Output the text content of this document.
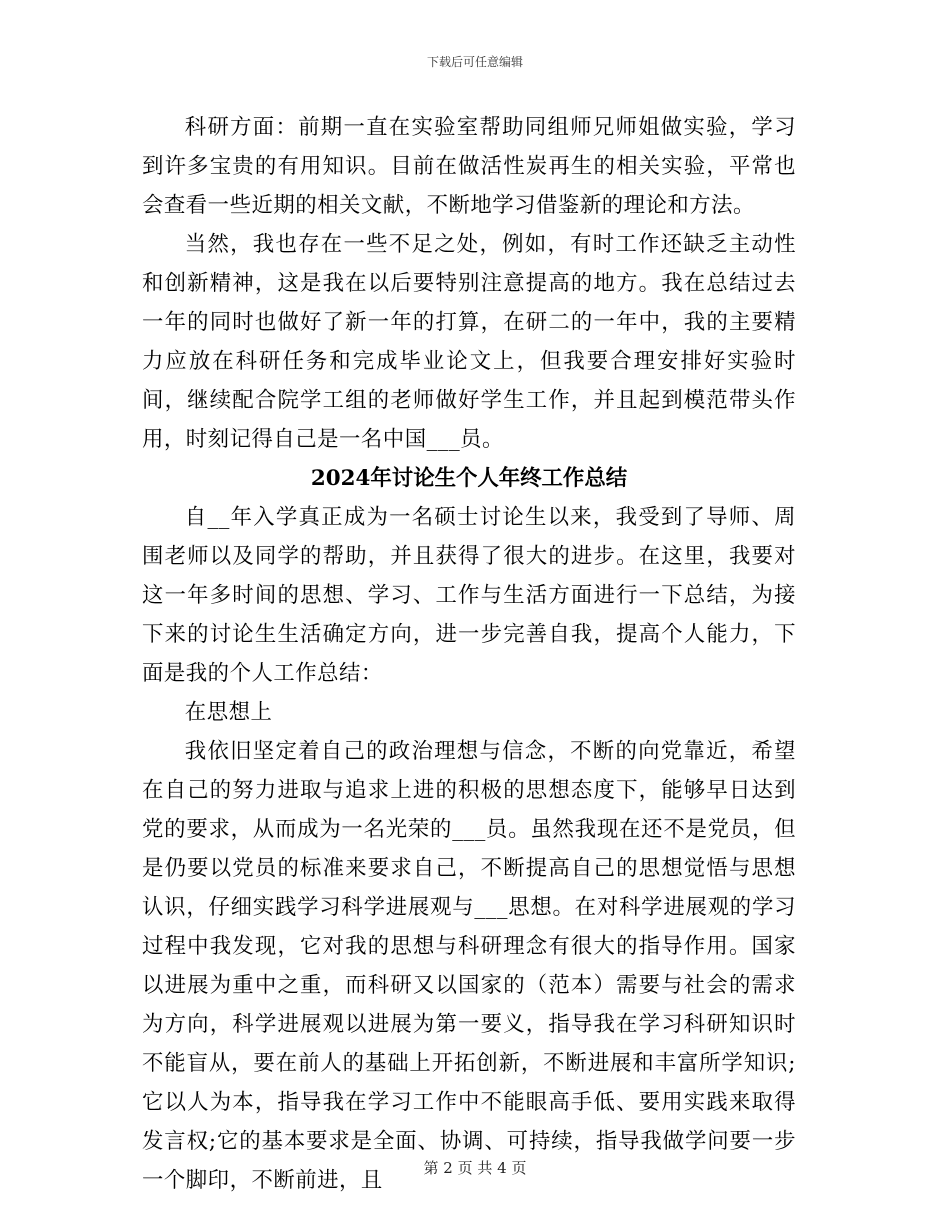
下载后可任意编辑

科研方面：前期一直在实验室帮助同组师兄师姐做实验，学习到许多宝贵的有用知识。目前在做活性炭再生的相关实验，平常也会查看一些近期的相关文献，不断地学习借鉴新的理论和方法。

当然，我也存在一些不足之处，例如，有时工作还缺乏主动性和创新精神，这是我在以后要特别注意提高的地方。我在总结过去一年的同时也做好了新一年的打算，在研二的一年中，我的主要精力应放在科研任务和完成毕业论文上，但我要合理安排好实验时间，继续配合院学工组的老师做好学生工作，并且起到模范带头作用，时刻记得自己是一名中国___员。

2024年讨论生个人年终工作总结

自__年入学真正成为一名硕士讨论生以来，我受到了导师、周围老师以及同学的帮助，并且获得了很大的进步。在这里，我要对这一年多时间的思想、学习、工作与生活方面进行一下总结，为接下来的讨论生生活确定方向，进一步完善自我，提高个人能力，下面是我的个人工作总结：

在思想上

我依旧坚定着自己的政治理想与信念，不断的向党靠近，希望在自己的努力进取与追求上进的积极的思想态度下，能够早日达到党的要求，从而成为一名光荣的___员。虽然我现在还不是党员，但是仍要以党员的标准来要求自己，不断提高自己的思想觉悟与思想认识，仔细实践学习科学进展观与___思想。在对科学进展观的学习过程中我发现，它对我的思想与科研理念有很大的指导作用。国家以进展为重中之重，而科研又以国家的（范本）需要与社会的需求为方向，科学进展观以进展为第一要义，指导我在学习科研知识时不能盲从，要在前人的基础上开拓创新，不断进展和丰富所学知识;它以人为本，指导我在学习工作中不能眼高手低、要用实践来取得发言权;它的基本要求是全面、协调、可持续，指导我做学问要一步一个脚印，不断前进，且	第 2 页 共 4 页
